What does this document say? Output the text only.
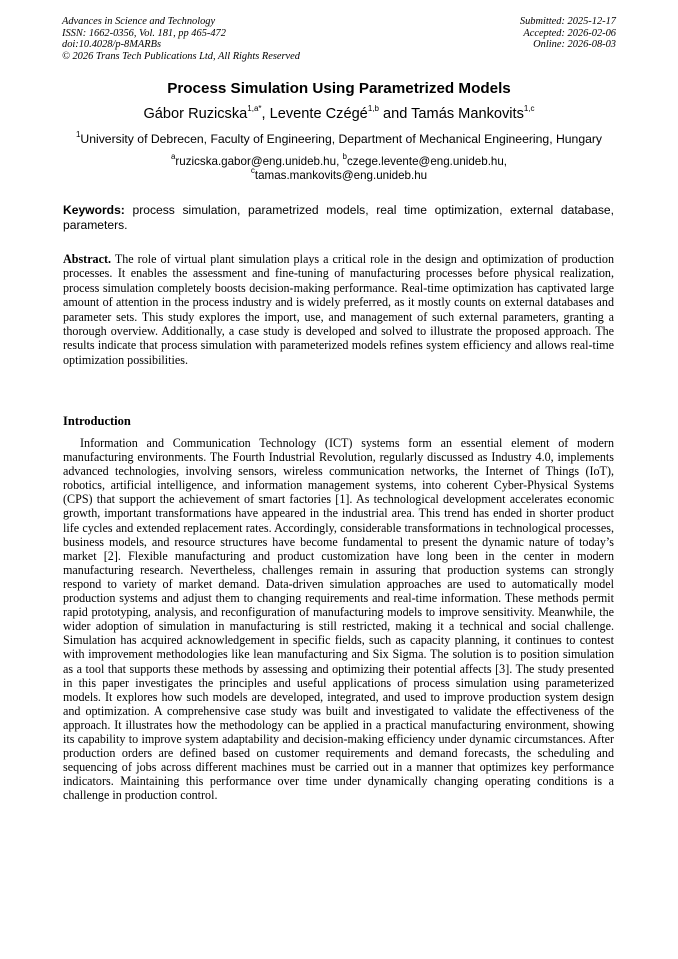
Advances in Science and Technology
ISSN: 1662-0356, Vol. 181, pp 465-472
doi:10.4028/p-8MARBs
© 2026 Trans Tech Publications Ltd, All Rights Reserved
Submitted: 2025-12-17
Accepted: 2026-02-06
Online: 2026-08-03
Process Simulation Using Parametrized Models
Gábor Ruzicska$^{1,a*}$, Levente Czégé$^{1,b}$ and Tamás Mankovits$^{1,c}$
$^1$University of Debrecen, Faculty of Engineering, Department of Mechanical Engineering, Hungary
$^a$ruzicska.gabor@eng.unideb.hu, $^b$czege.levente@eng.unideb.hu,
$^c$tamas.mankovits@eng.unideb.hu
Keywords: process simulation, parametrized models, real time optimization, external database, parameters.
Abstract. The role of virtual plant simulation plays a critical role in the design and optimization of production processes. It enables the assessment and fine-tuning of manufacturing processes before physical realization, process simulation completely boosts decision-making performance. Real-time optimization has captivated large amount of attention in the process industry and is widely preferred, as it mostly counts on external databases and parameter sets. This study explores the import, use, and management of such external parameters, granting a thorough overview. Additionally, a case study is developed and solved to illustrate the proposed approach. The results indicate that process simulation with parameterized models refines system efficiency and allows real-time optimization possibilities.
Introduction

Information and Communication Technology (ICT) systems form an essential element of modern manufacturing environments. The Fourth Industrial Revolution, regularly discussed as Industry 4.0, implements advanced technologies, involving sensors, wireless communication networks, the Internet of Things (IoT), robotics, artificial intelligence, and information management systems, into coherent Cyber-Physical Systems (CPS) that support the achievement of smart factories [1]. As technological development accelerates economic growth, important transformations have appeared in the industrial area. This trend has ended in shorter product life cycles and extended replacement rates. Accordingly, considerable transformations in technological processes, business models, and resource structures have become fundamental to present the dynamic nature of today’s market [2]. Flexible manufacturing and product customization have long been in the center in modern manufacturing research. Nevertheless, challenges remain in assuring that production systems can strongly respond to variety of market demand. Data-driven simulation approaches are used to automatically model production systems and adjust them to changing requirements and real-time information. These methods permit rapid prototyping, analysis, and reconfiguration of manufacturing models to improve sensitivity. Meanwhile, the wider adoption of simulation in manufacturing is still restricted, making it a technical and social challenge. Simulation has acquired acknowledgement in specific fields, such as capacity planning, it continues to contest with improvement methodologies like lean manufacturing and Six Sigma. The solution is to position simulation as a tool that supports these methods by assessing and optimizing their potential affects [3]. The study presented in this paper investigates the principles and useful applications of process simulation using parameterized models. It explores how such models are developed, integrated, and used to improve production system design and optimization. A comprehensive case study was built and investigated to validate the effectiveness of the approach. It illustrates how the methodology can be applied in a practical manufacturing environment, showing its capability to improve system adaptability and decision-making efficiency under dynamic circumstances. After production orders are defined based on customer requirements and demand forecasts, the scheduling and sequencing of jobs across different machines must be carried out in a manner that optimizes key performance indicators. Maintaining this performance over time under dynamically changing operating conditions is a challenge in production control.
